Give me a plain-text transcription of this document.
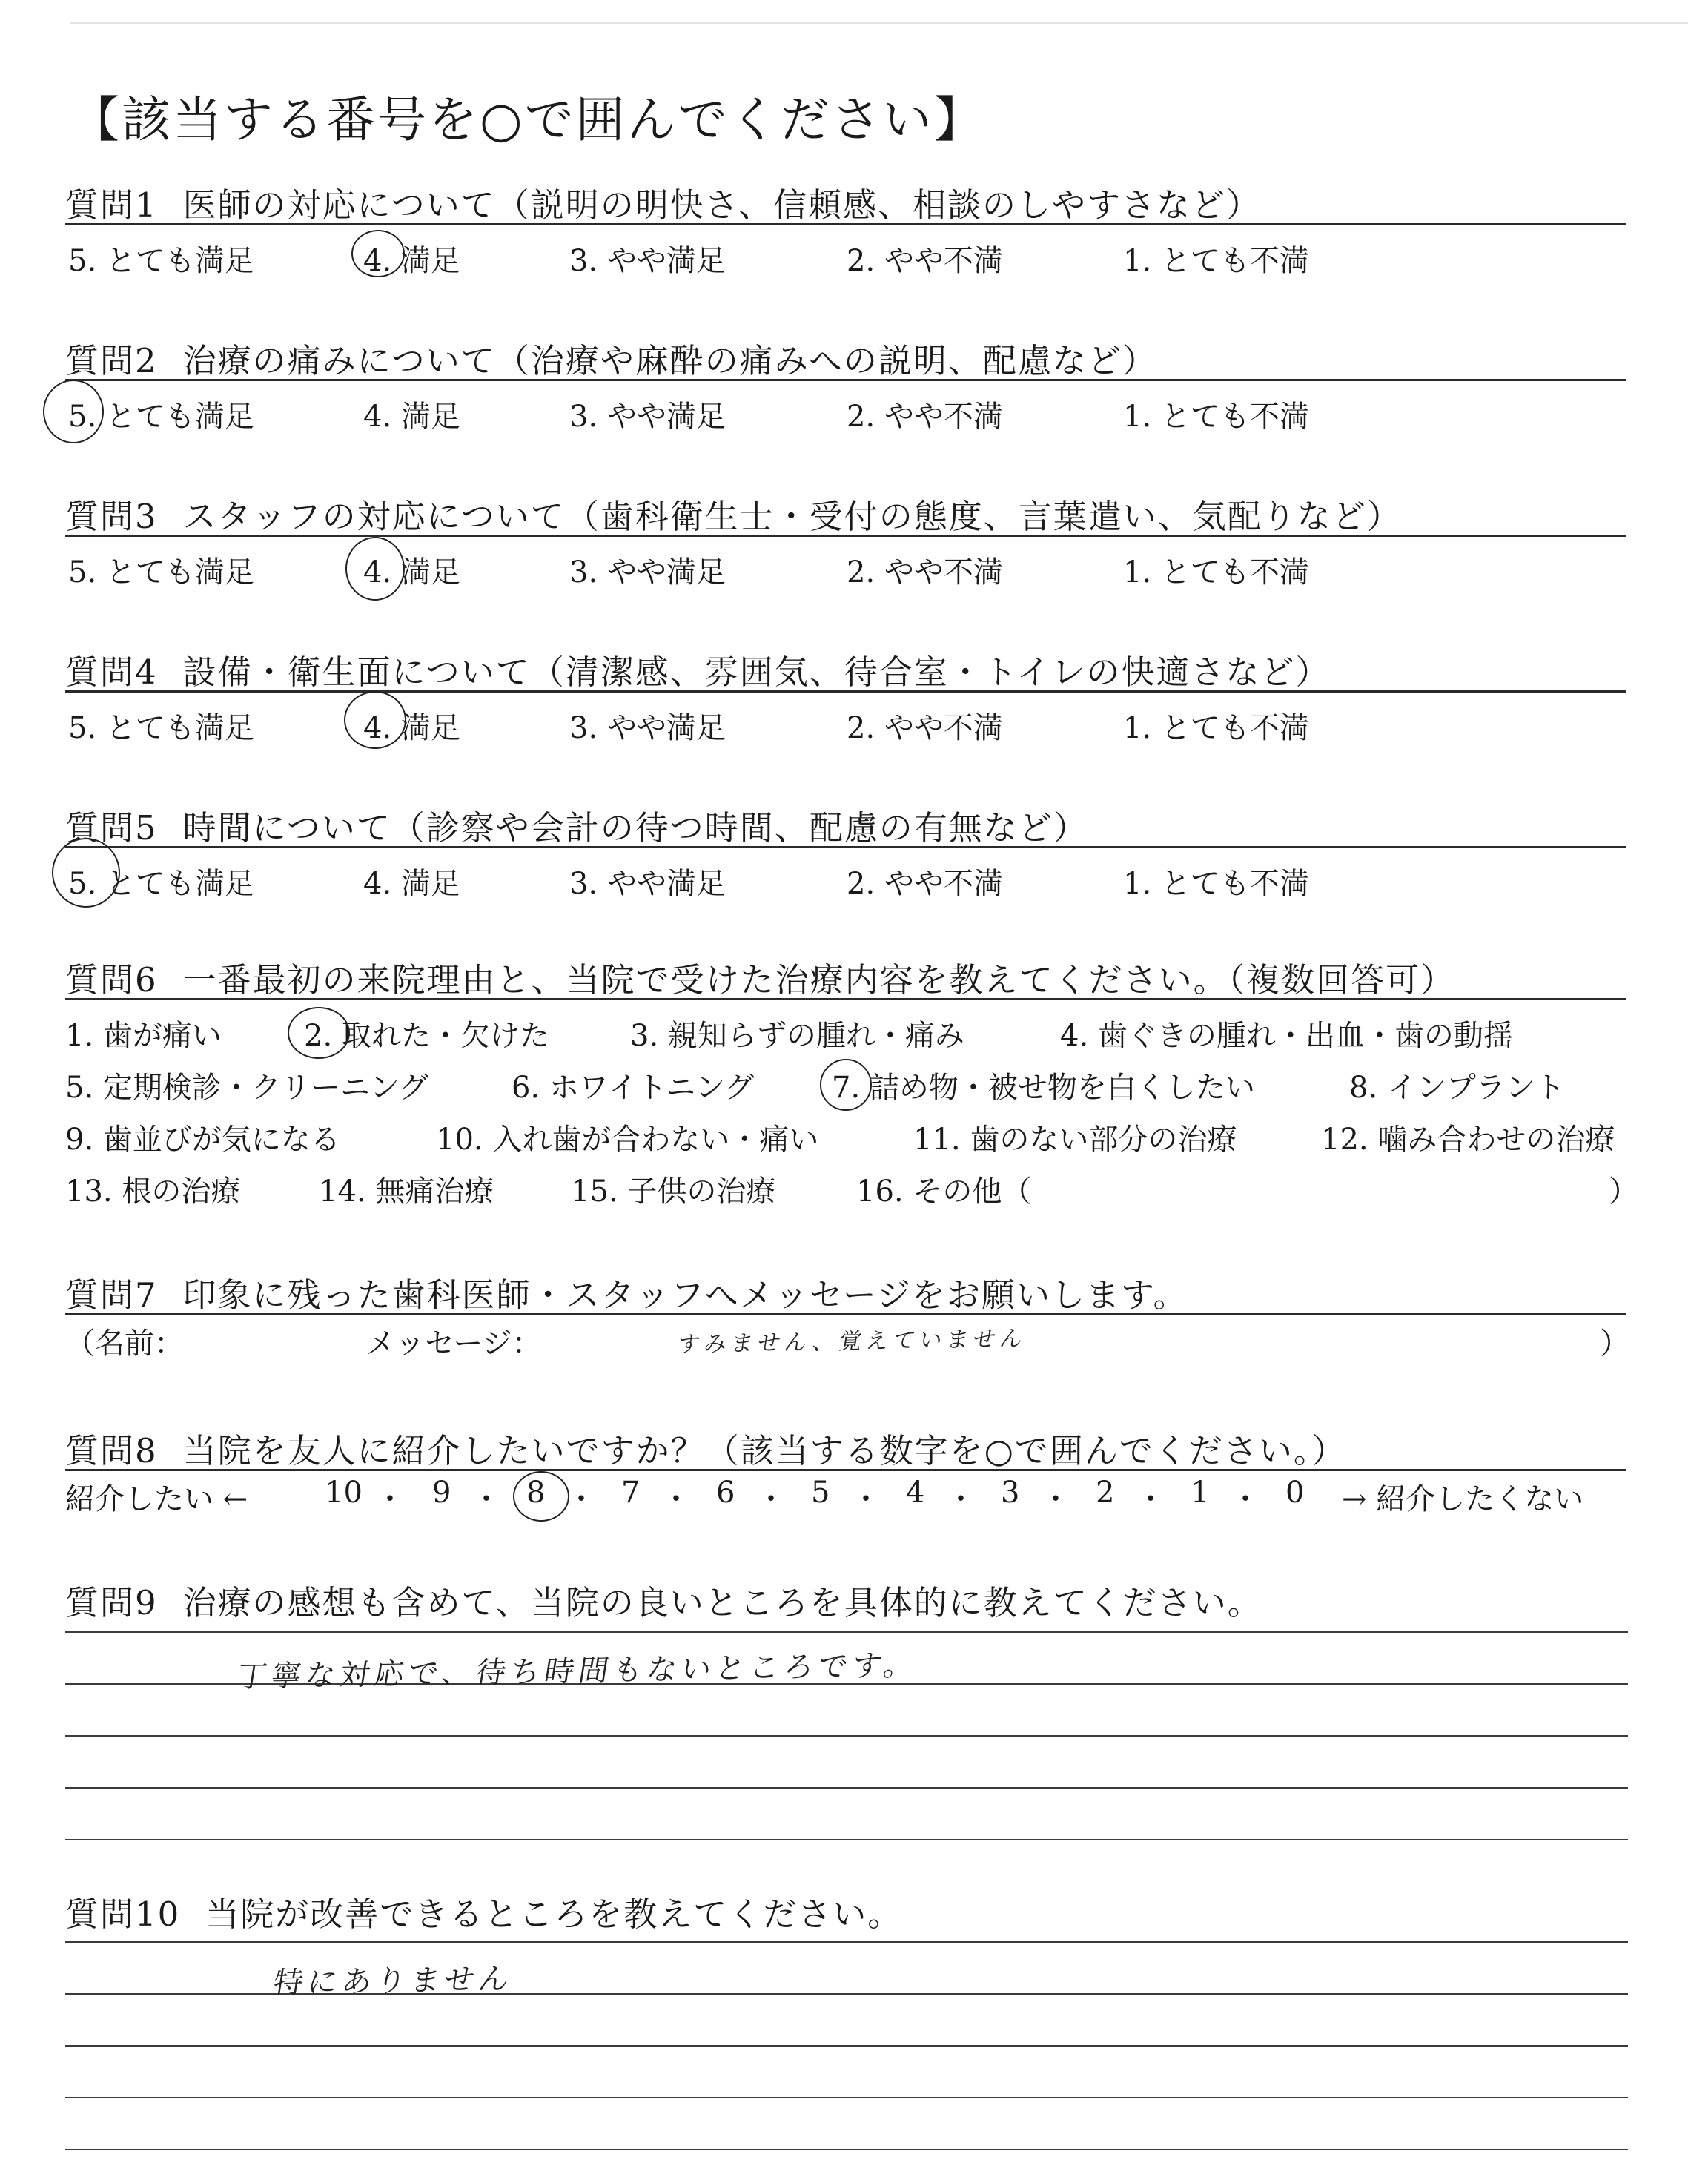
【該当する番号を○で囲んでください】
質問1 医師の対応について（説明の明快さ、信頼感、相談のしやすさなど）
5. とても満足	4. 満足	3. やや満足	2. やや不満	1. とても不満
質問2 治療の痛みについて（治療や麻酔の痛みへの説明、配慮など）
5. とても満足	4. 満足	3. やや満足	2. やや不満	1. とても不満
質問3 スタッフの対応について（歯科衛生士・受付の態度、言葉遣い、気配りなど）
5. とても満足	4. 満足	3. やや満足	2. やや不満	1. とても不満
質問4 設備・衛生面について（清潔感、雰囲気、待合室・トイレの快適さなど）
5. とても満足	4. 満足	3. やや満足	2. やや不満	1. とても不満
質問5 時間について（診察や会計の待つ時間、配慮の有無など）
5. とても満足	4. 満足	3. やや満足	2. やや不満	1. とても不満
質問6 一番最初の来院理由と、当院で受けた治療内容を教えてください。（複数回答可）
1. 歯が痛い	2. 取れた・欠けた	3. 親知らずの腫れ・痛み	4. 歯ぐきの腫れ・出血・歯の動揺
5. 定期検診・クリーニング	6. ホワイトニング	7. 詰め物・被せ物を白くしたい	8. インプラント
9. 歯並びが気になる	10. 入れ歯が合わない・痛い	11. 歯のない部分の治療	12. 噛み合わせの治療
13. 根の治療	14. 無痛治療	15. 子供の治療	16. その他（	）
質問7 印象に残った歯科医師・スタッフへメッセージをお願いします。
（名前：	メッセージ：	）
すみません、覚えていません
質問8 当院を友人に紹介したいですか？（該当する数字を○で囲んでください。）
紹介したい ←	10 ・ 9 ・ 8 ・ 7 ・ 6 ・ 5 ・ 4 ・ 3 ・ 2 ・ 1 ・ 0 → 紹介したくない
質問9 治療の感想も含めて、当院の良いところを具体的に教えてください。
丁寧な対応で、待ち時間もないところです。
質問10 当院が改善できるところを教えてください。
特にありません
